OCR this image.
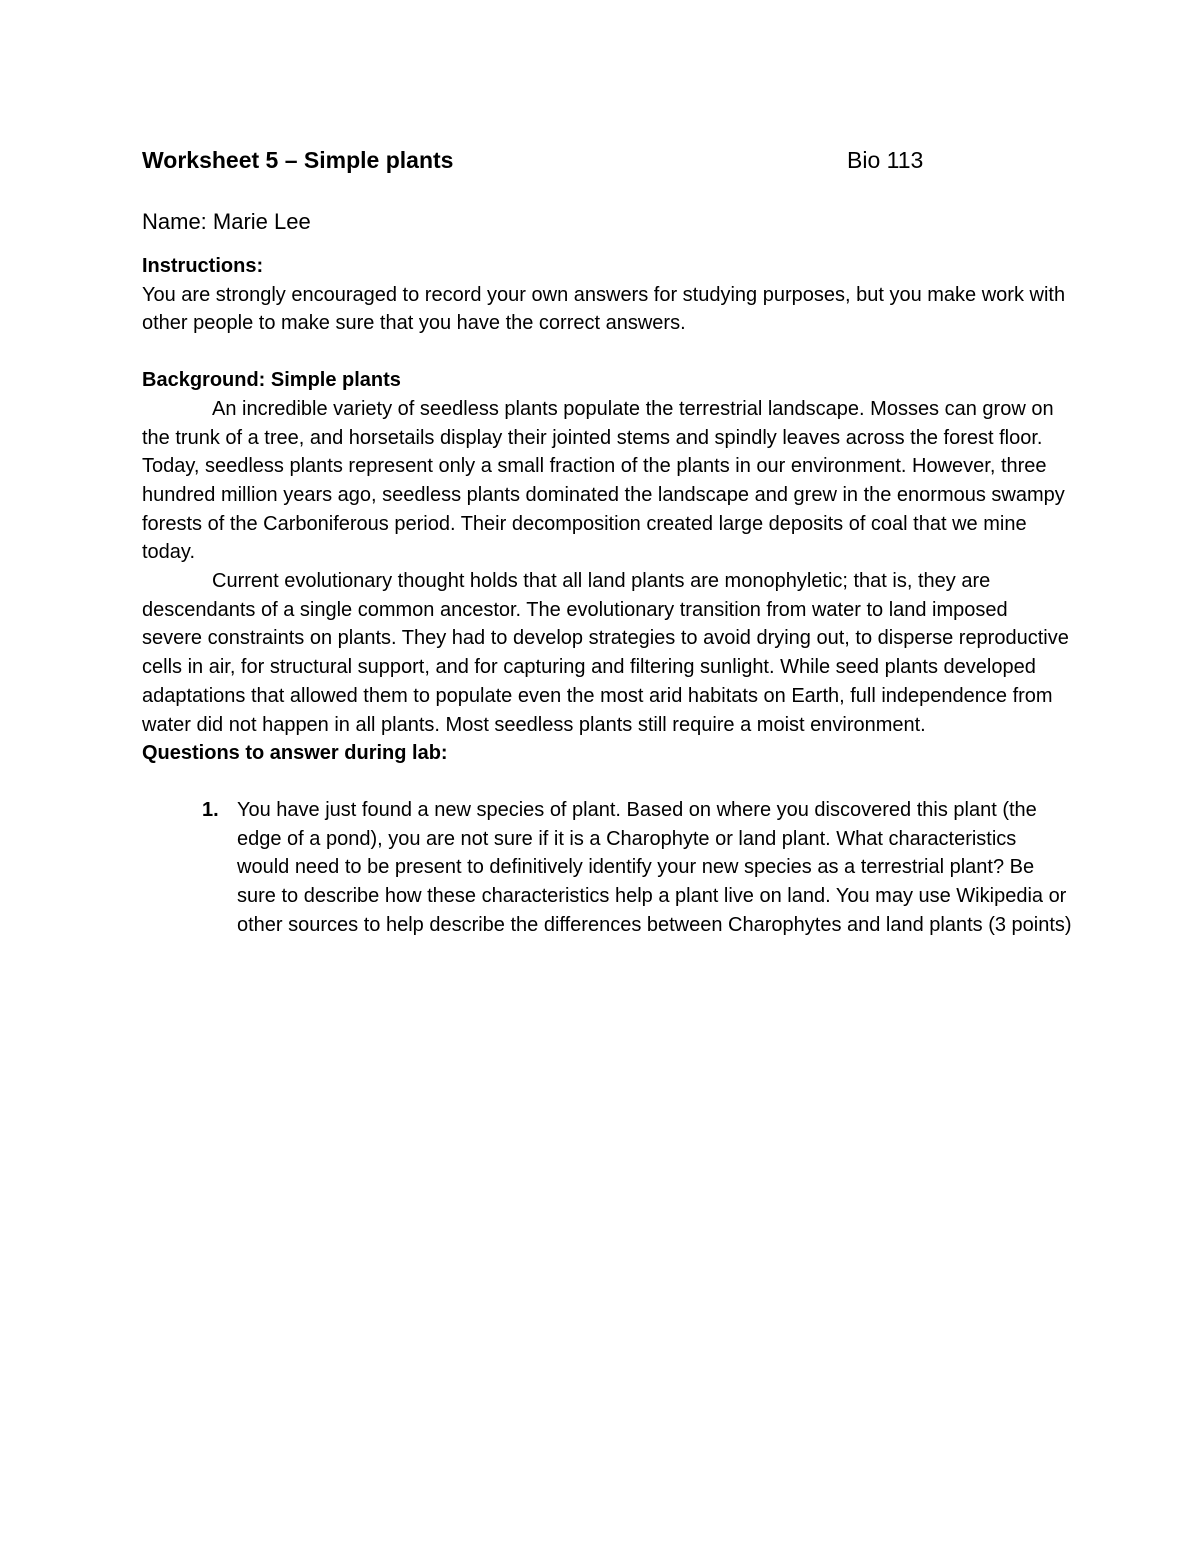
Worksheet 5 – Simple plants	Bio 113
Name: Marie Lee
Instructions:

You are strongly encouraged to record your own answers for studying purposes, but you make work with other people to make sure that you have the correct answers.

Background: Simple plants

An incredible variety of seedless plants populate the terrestrial landscape. Mosses can grow on the trunk of a tree, and horsetails display their jointed stems and spindly leaves across the forest floor. Today, seedless plants represent only a small fraction of the plants in our environment. However, three hundred million years ago, seedless plants dominated the landscape and grew in the enormous swampy forests of the Carboniferous period. Their decomposition created large deposits of coal that we mine today.

Current evolutionary thought holds that all land plants are monophyletic; that is, they are descendants of a single common ancestor. The evolutionary transition from water to land imposed severe constraints on plants. They had to develop strategies to avoid drying out, to disperse reproductive cells in air, for structural support, and for capturing and filtering sunlight. While seed plants developed adaptations that allowed them to populate even the most arid habitats on Earth, full independence from water did not happen in all plants. Most seedless plants still require a moist environment.

Questions to answer during lab:
1. You have just found a new species of plant. Based on where you discovered this plant (the edge of a pond), you are not sure if it is a Charophyte or land plant. What characteristics would need to be present to definitively identify your new species as a terrestrial plant? Be sure to describe how these characteristics help a plant live on land. You may use Wikipedia or other sources to help describe the differences between Charophytes and land plants (3 points)
